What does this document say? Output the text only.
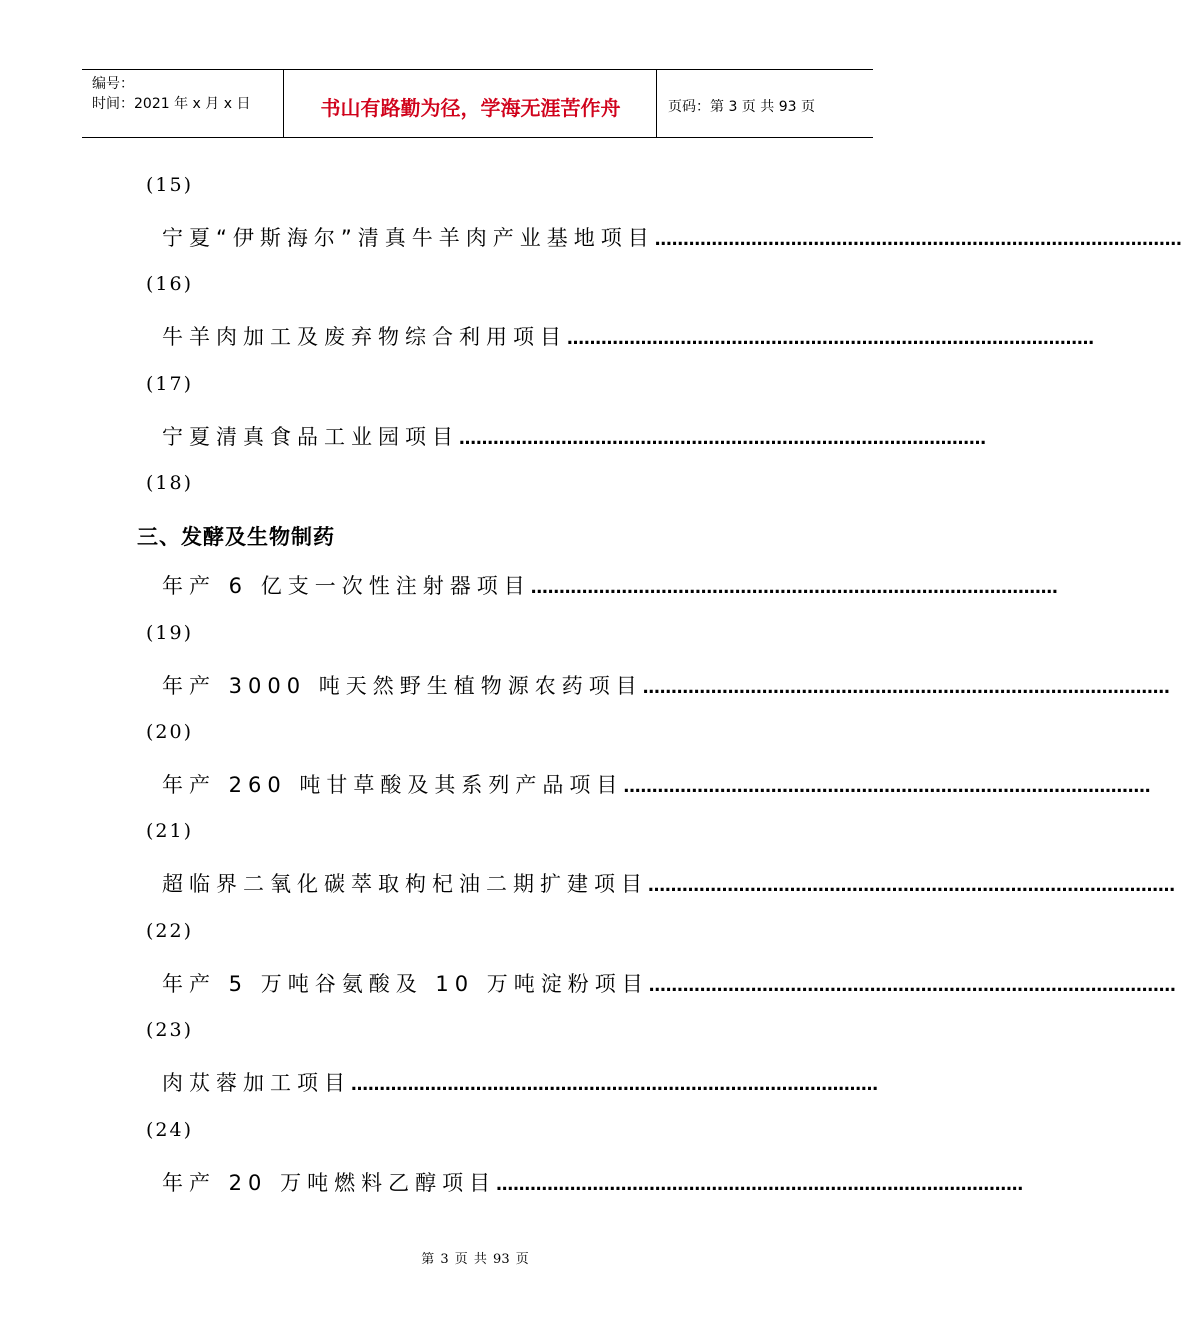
编号：
时间：2021 年 x 月 x 日	书山有路勤为径，学海无涯苦作舟	页码：第 3 页 共 93 页
(15)
宁夏“伊斯海尔”清真牛羊肉产业基地项目 …………………………………………………………………………………
(16)
牛羊肉加工及废弃物综合利用项目 …………………………………………………………………………………
(17)
宁夏清真食品工业园项目 …………………………………………………………………………………
(18)
三、发酵及生物制药
年产 6 亿支一次性注射器项目 …………………………………………………………………………………
(19)
年产 3000 吨天然野生植物源农药项目 …………………………………………………………………………………
(20)
年产 260 吨甘草酸及其系列产品项目 …………………………………………………………………………………
(21)
超临界二氧化碳萃取枸杞油二期扩建项目 …………………………………………………………………………………
(22)
年产 5 万吨谷氨酸及 10 万吨淀粉项目 …………………………………………………………………………………
(23)
肉苁蓉加工项目 …………………………………………………………………………………
(24)
年产 20 万吨燃料乙醇项目 …………………………………………………………………………………
第 3 页 共 93 页
